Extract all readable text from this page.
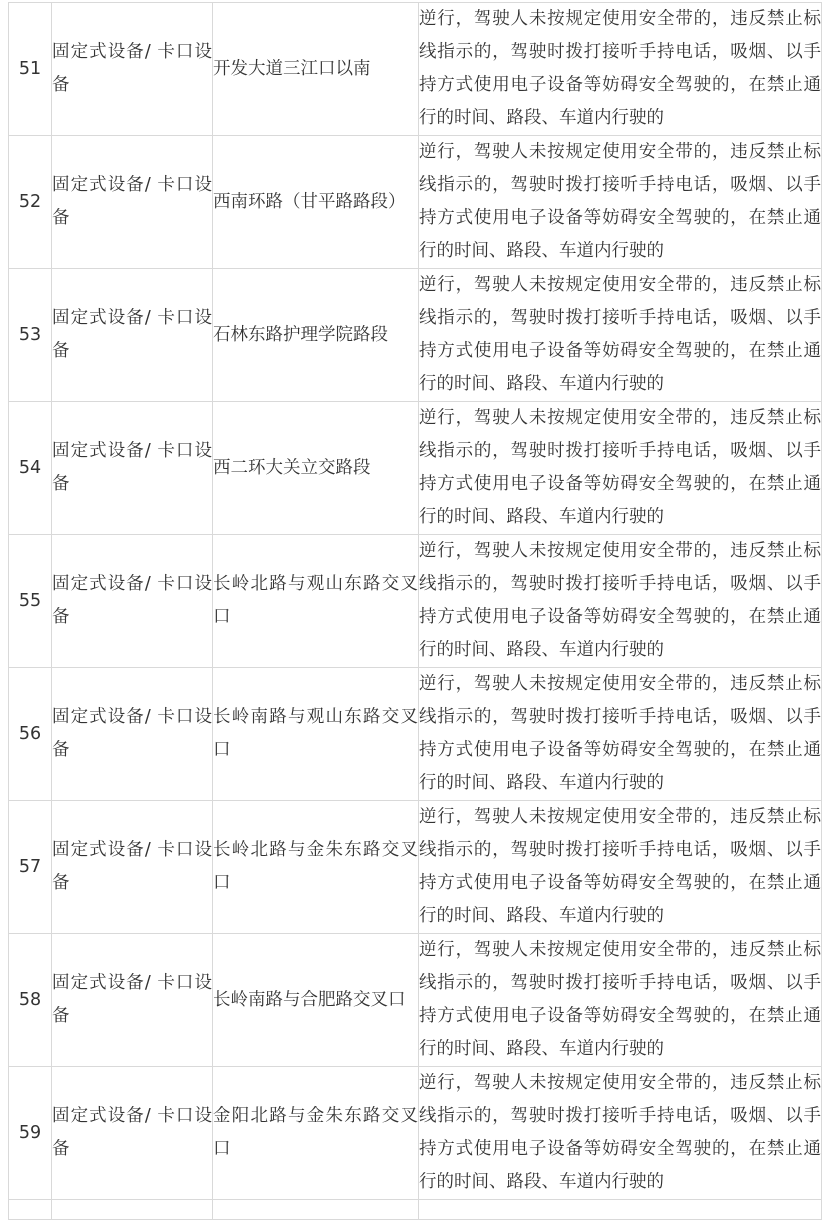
51	固定式设备/ 卡口设备	开发大道三江口以南	逆行，驾驶人未按规定使用安全带的，违反禁止标线指示的，驾驶时拨打接听手持电话，吸烟、以手持方式使用电子设备等妨碍安全驾驶的，在禁止通行的时间、路段、车道内行驶的
52	固定式设备/ 卡口设备	西南环路（甘平路路段）	逆行，驾驶人未按规定使用安全带的，违反禁止标线指示的，驾驶时拨打接听手持电话，吸烟、以手持方式使用电子设备等妨碍安全驾驶的，在禁止通行的时间、路段、车道内行驶的
53	固定式设备/ 卡口设备	石林东路护理学院路段	逆行，驾驶人未按规定使用安全带的，违反禁止标线指示的，驾驶时拨打接听手持电话，吸烟、以手持方式使用电子设备等妨碍安全驾驶的，在禁止通行的时间、路段、车道内行驶的
54	固定式设备/ 卡口设备	西二环大关立交路段	逆行，驾驶人未按规定使用安全带的，违反禁止标线指示的，驾驶时拨打接听手持电话，吸烟、以手持方式使用电子设备等妨碍安全驾驶的，在禁止通行的时间、路段、车道内行驶的
55	固定式设备/ 卡口设备	长岭北路与观山东路交叉口	逆行，驾驶人未按规定使用安全带的，违反禁止标线指示的，驾驶时拨打接听手持电话，吸烟、以手持方式使用电子设备等妨碍安全驾驶的，在禁止通行的时间、路段、车道内行驶的
56	固定式设备/ 卡口设备	长岭南路与观山东路交叉口	逆行，驾驶人未按规定使用安全带的，违反禁止标线指示的，驾驶时拨打接听手持电话，吸烟、以手持方式使用电子设备等妨碍安全驾驶的，在禁止通行的时间、路段、车道内行驶的
57	固定式设备/ 卡口设备	长岭北路与金朱东路交叉口	逆行，驾驶人未按规定使用安全带的，违反禁止标线指示的，驾驶时拨打接听手持电话，吸烟、以手持方式使用电子设备等妨碍安全驾驶的，在禁止通行的时间、路段、车道内行驶的
58	固定式设备/ 卡口设备	长岭南路与合肥路交叉口	逆行，驾驶人未按规定使用安全带的，违反禁止标线指示的，驾驶时拨打接听手持电话，吸烟、以手持方式使用电子设备等妨碍安全驾驶的，在禁止通行的时间、路段、车道内行驶的
59	固定式设备/ 卡口设备	金阳北路与金朱东路交叉口	逆行，驾驶人未按规定使用安全带的，违反禁止标线指示的，驾驶时拨打接听手持电话，吸烟、以手持方式使用电子设备等妨碍安全驾驶的，在禁止通行的时间、路段、车道内行驶的
